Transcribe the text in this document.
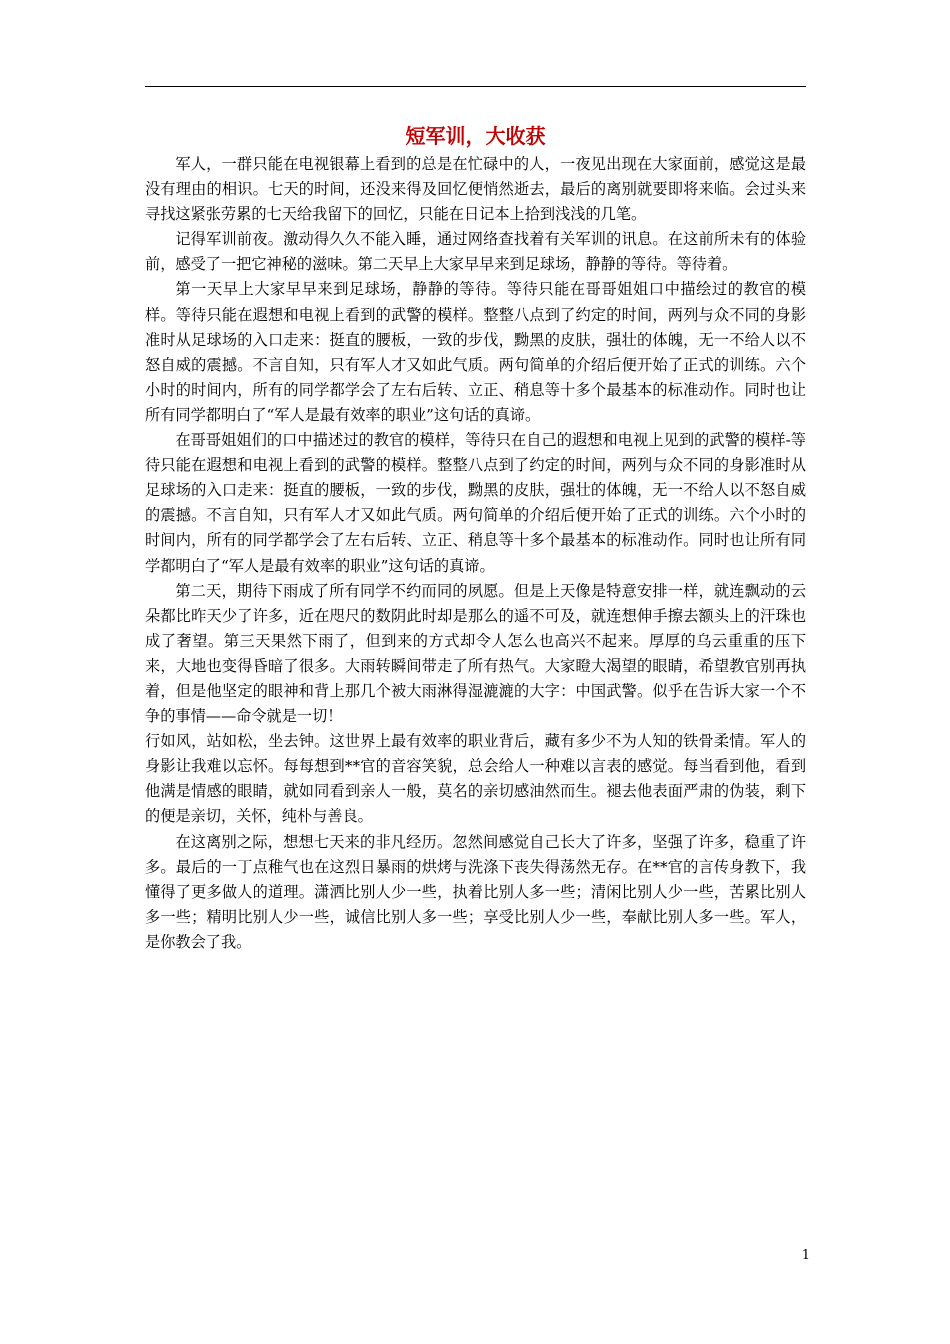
短军训，大收获

军人，一群只能在电视银幕上看到的总是在忙碌中的人，一夜见出现在大家面前，感觉这是最没有理由的相识。七天的时间，还没来得及回忆便悄然逝去，最后的离别就要即将来临。会过头来寻找这紧张劳累的七天给我留下的回忆，只能在日记本上拾到浅浅的几笔。

记得军训前夜。激动得久久不能入睡，通过网络查找着有关军训的讯息。在这前所未有的体验前，感受了一把它神秘的滋味。第二天早上大家早早来到足球场，静静的等待。等待着。

第一天早上大家早早来到足球场，静静的等待。等待只能在哥哥姐姐口中描绘过的教官的模样。等待只能在遐想和电视上看到的武警的模样。整整八点到了约定的时间，两列与众不同的身影准时从足球场的入口走来：挺直的腰板，一致的步伐，黝黑的皮肤，强壮的体魄，无一不给人以不怒自威的震撼。不言自知，只有军人才又如此气质。两句简单的介绍后便开始了正式的训练。六个小时的时间内，所有的同学都学会了左右后转、立正、稍息等十多个最基本的标准动作。同时也让所有同学都明白了“军人是最有效率的职业”这句话的真谛。

在哥哥姐姐们的口中描述过的教官的模样，等待只在自己的遐想和电视上见到的武警的模样-等待只能在遐想和电视上看到的武警的模样。整整八点到了约定的时间，两列与众不同的身影准时从足球场的入口走来：挺直的腰板，一致的步伐，黝黑的皮肤，强壮的体魄，无一不给人以不怒自威的震撼。不言自知，只有军人才又如此气质。两句简单的介绍后便开始了正式的训练。六个小时的时间内，所有的同学都学会了左右后转、立正、稍息等十多个最基本的标准动作。同时也让所有同学都明白了“军人是最有效率的职业”这句话的真谛。

第二天，期待下雨成了所有同学不约而同的夙愿。但是上天像是特意安排一样，就连飘动的云朵都比昨天少了许多，近在咫尺的数阴此时却是那么的遥不可及，就连想伸手擦去额头上的汗珠也成了奢望。第三天果然下雨了，但到来的方式却令人怎么也高兴不起来。厚厚的乌云重重的压下来，大地也变得昏暗了很多。大雨转瞬间带走了所有热气。大家瞪大渴望的眼睛，希望教官别再执着，但是他坚定的眼神和背上那几个被大雨淋得湿漉漉的大字：中国武警。似乎在告诉大家一个不争的事情——命令就是一切！

行如风，站如松，坐去钟。这世界上最有效率的职业背后，藏有多少不为人知的铁骨柔情。军人的身影让我难以忘怀。每每想到**官的音容笑貌，总会给人一种难以言表的感觉。每当看到他，看到他满是情感的眼睛，就如同看到亲人一般，莫名的亲切感油然而生。褪去他表面严肃的伪装，剩下的便是亲切，关怀，纯朴与善良。

在这离别之际，想想七天来的非凡经历。忽然间感觉自己长大了许多，坚强了许多，稳重了许多。最后的一丁点稚气也在这烈日暴雨的烘烤与洗涤下丧失得荡然无存。在**官的言传身教下，我懂得了更多做人的道理。潇洒比别人少一些，执着比别人多一些；清闲比别人少一些，苦累比别人多一些；精明比别人少一些，诚信比别人多一些；享受比别人少一些，奉献比别人多一些。军人，是你教会了我。

1
